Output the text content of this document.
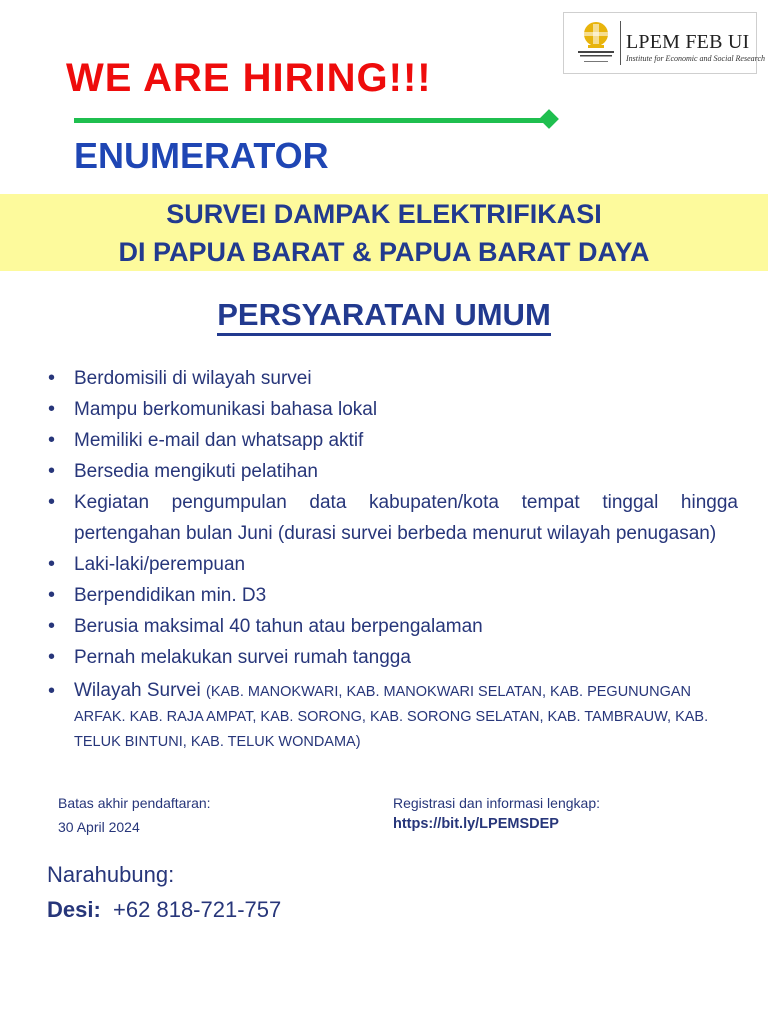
LPEM FEB UI
Institute for Economic and Social Research
WE ARE HIRING!!!
ENUMERATOR
SURVEI DAMPAK ELEKTRIFIKASI
DI PAPUA BARAT & PAPUA BARAT DAYA
PERSYARATAN UMUM
• Berdomisili di wilayah survei
• Mampu berkomunikasi bahasa lokal
• Memiliki e-mail dan whatsapp aktif
• Bersedia mengikuti pelatihan
• Kegiatan pengumpulan data kabupaten/kota tempat tinggal hingga pertengahan bulan Juni (durasi survei berbeda menurut wilayah penugasan)
• Laki-laki/perempuan
• Berpendidikan min. D3
• Berusia maksimal 40 tahun atau berpengalaman
• Pernah melakukan survei rumah tangga
• Wilayah Survei (KAB. MANOKWARI, KAB. MANOKWARI SELATAN, KAB. PEGUNUNGAN ARFAK. KAB. RAJA AMPAT, KAB. SORONG, KAB. SORONG SELATAN, KAB. TAMBRAUW, KAB. TELUK BINTUNI, KAB. TELUK WONDAMA)
Batas akhir pendaftaran:
30 April 2024
Registrasi dan informasi lengkap:
https://bit.ly/LPEMSDEP
Narahubung:
Desi: +62 818-721-757
